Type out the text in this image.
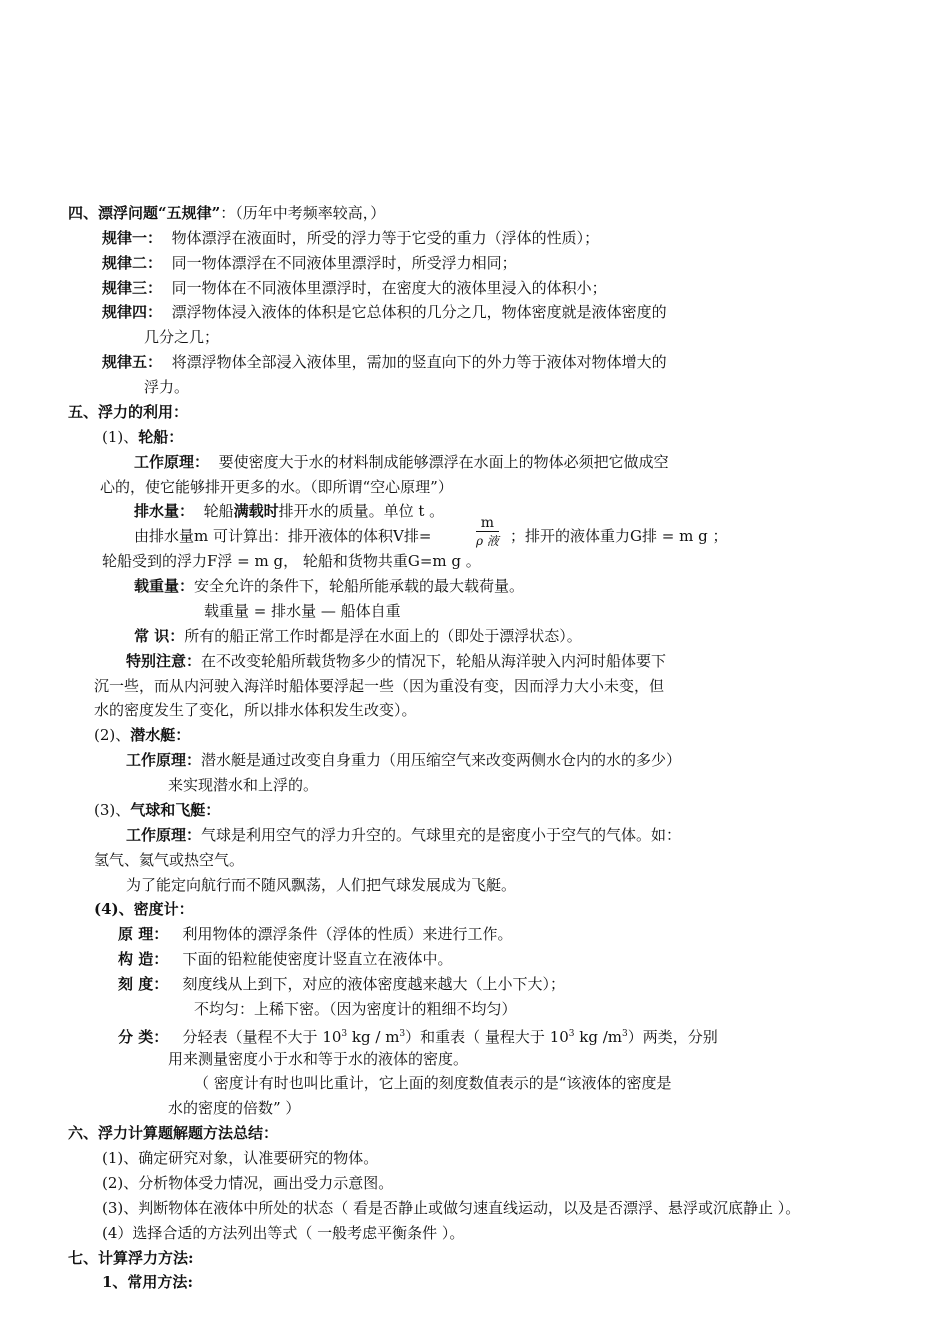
四、漂浮问题“五规律”：（历年中考频率较高，）
规律一： 物体漂浮在液面时，所受的浮力等于它受的重力（浮体的性质）；
规律二： 同一物体漂浮在不同液体里漂浮时，所受浮力相同；
规律三： 同一物体在不同液体里漂浮时，在密度大的液体里浸入的体积小；
规律四： 漂浮物体浸入液体的体积是它总体积的几分之几，物体密度就是液体密度的
几分之几；
规律五： 将漂浮物体全部浸入液体里，需加的竖直向下的外力等于液体对物体增大的
浮力。
五、浮力的利用：
(1)、轮船：
工作原理： 要使密度大于水的材料制成能够漂浮在水面上的物体必须把它做成空
心的，使它能够排开更多的水。（即所谓“空心原理”）
排水量： 轮船满载时排开水的质量。单位 t 。
由排水量m 可计算出：排开液体的体积V排=
m
ρ 液 ；排开的液体重力G排 = m g ；
轮船受到的浮力F浮 = m g， 轮船和货物共重G=m g 。
载重量：安全允许的条件下，轮船所能承载的最大载荷量。
载重量 = 排水量 — 船体自重
常 识：所有的船正常工作时都是浮在水面上的（即处于漂浮状态）。
特别注意：在不改变轮船所载货物多少的情况下，轮船从海洋驶入内河时船体要下
沉一些，而从内河驶入海洋时船体要浮起一些（因为重没有变，因而浮力大小未变，但
水的密度发生了变化，所以排水体积发生改变）。
(2)、潜水艇：
工作原理：潜水艇是通过改变自身重力（用压缩空气来改变两侧水仓内的水的多少）
来实现潜水和上浮的。
(3)、气球和飞艇：
工作原理：气球是利用空气的浮力升空的。气球里充的是密度小于空气的气体。如：
氢气、氦气或热空气。
为了能定向航行而不随风飘荡，人们把气球发展成为飞艇。
(4)、密度计：
原 理： 利用物体的漂浮条件（浮体的性质）来进行工作。
构 造： 下面的铅粒能使密度计竖直立在液体中。
刻 度： 刻度线从上到下，对应的液体密度越来越大（上小下大）；
不均匀：上稀下密。（因为密度计的粗细不均匀）
分 类： 分轻表（量程不大于 $10^3$ kg / $m^3$）和重表（ 量程大于 $10^3$ kg $/m^3$）两类，分别
用来测量密度小于水和等于水的液体的密度。
（ 密度计有时也叫比重计，它上面的刻度数值表示的是“该液体的密度是
水的密度的倍数” ）
六、浮力计算题解题方法总结：
(1)、确定研究对象，认准要研究的物体。
(2)、分析物体受力情况，画出受力示意图。
(3)、判断物体在液体中所处的状态（ 看是否静止或做匀速直线运动，以及是否漂浮、悬浮或沉底静止 ）。
(4）选择合适的方法列出等式（ 一般考虑平衡条件 ）。
七、计算浮力方法:
1、常用方法:
